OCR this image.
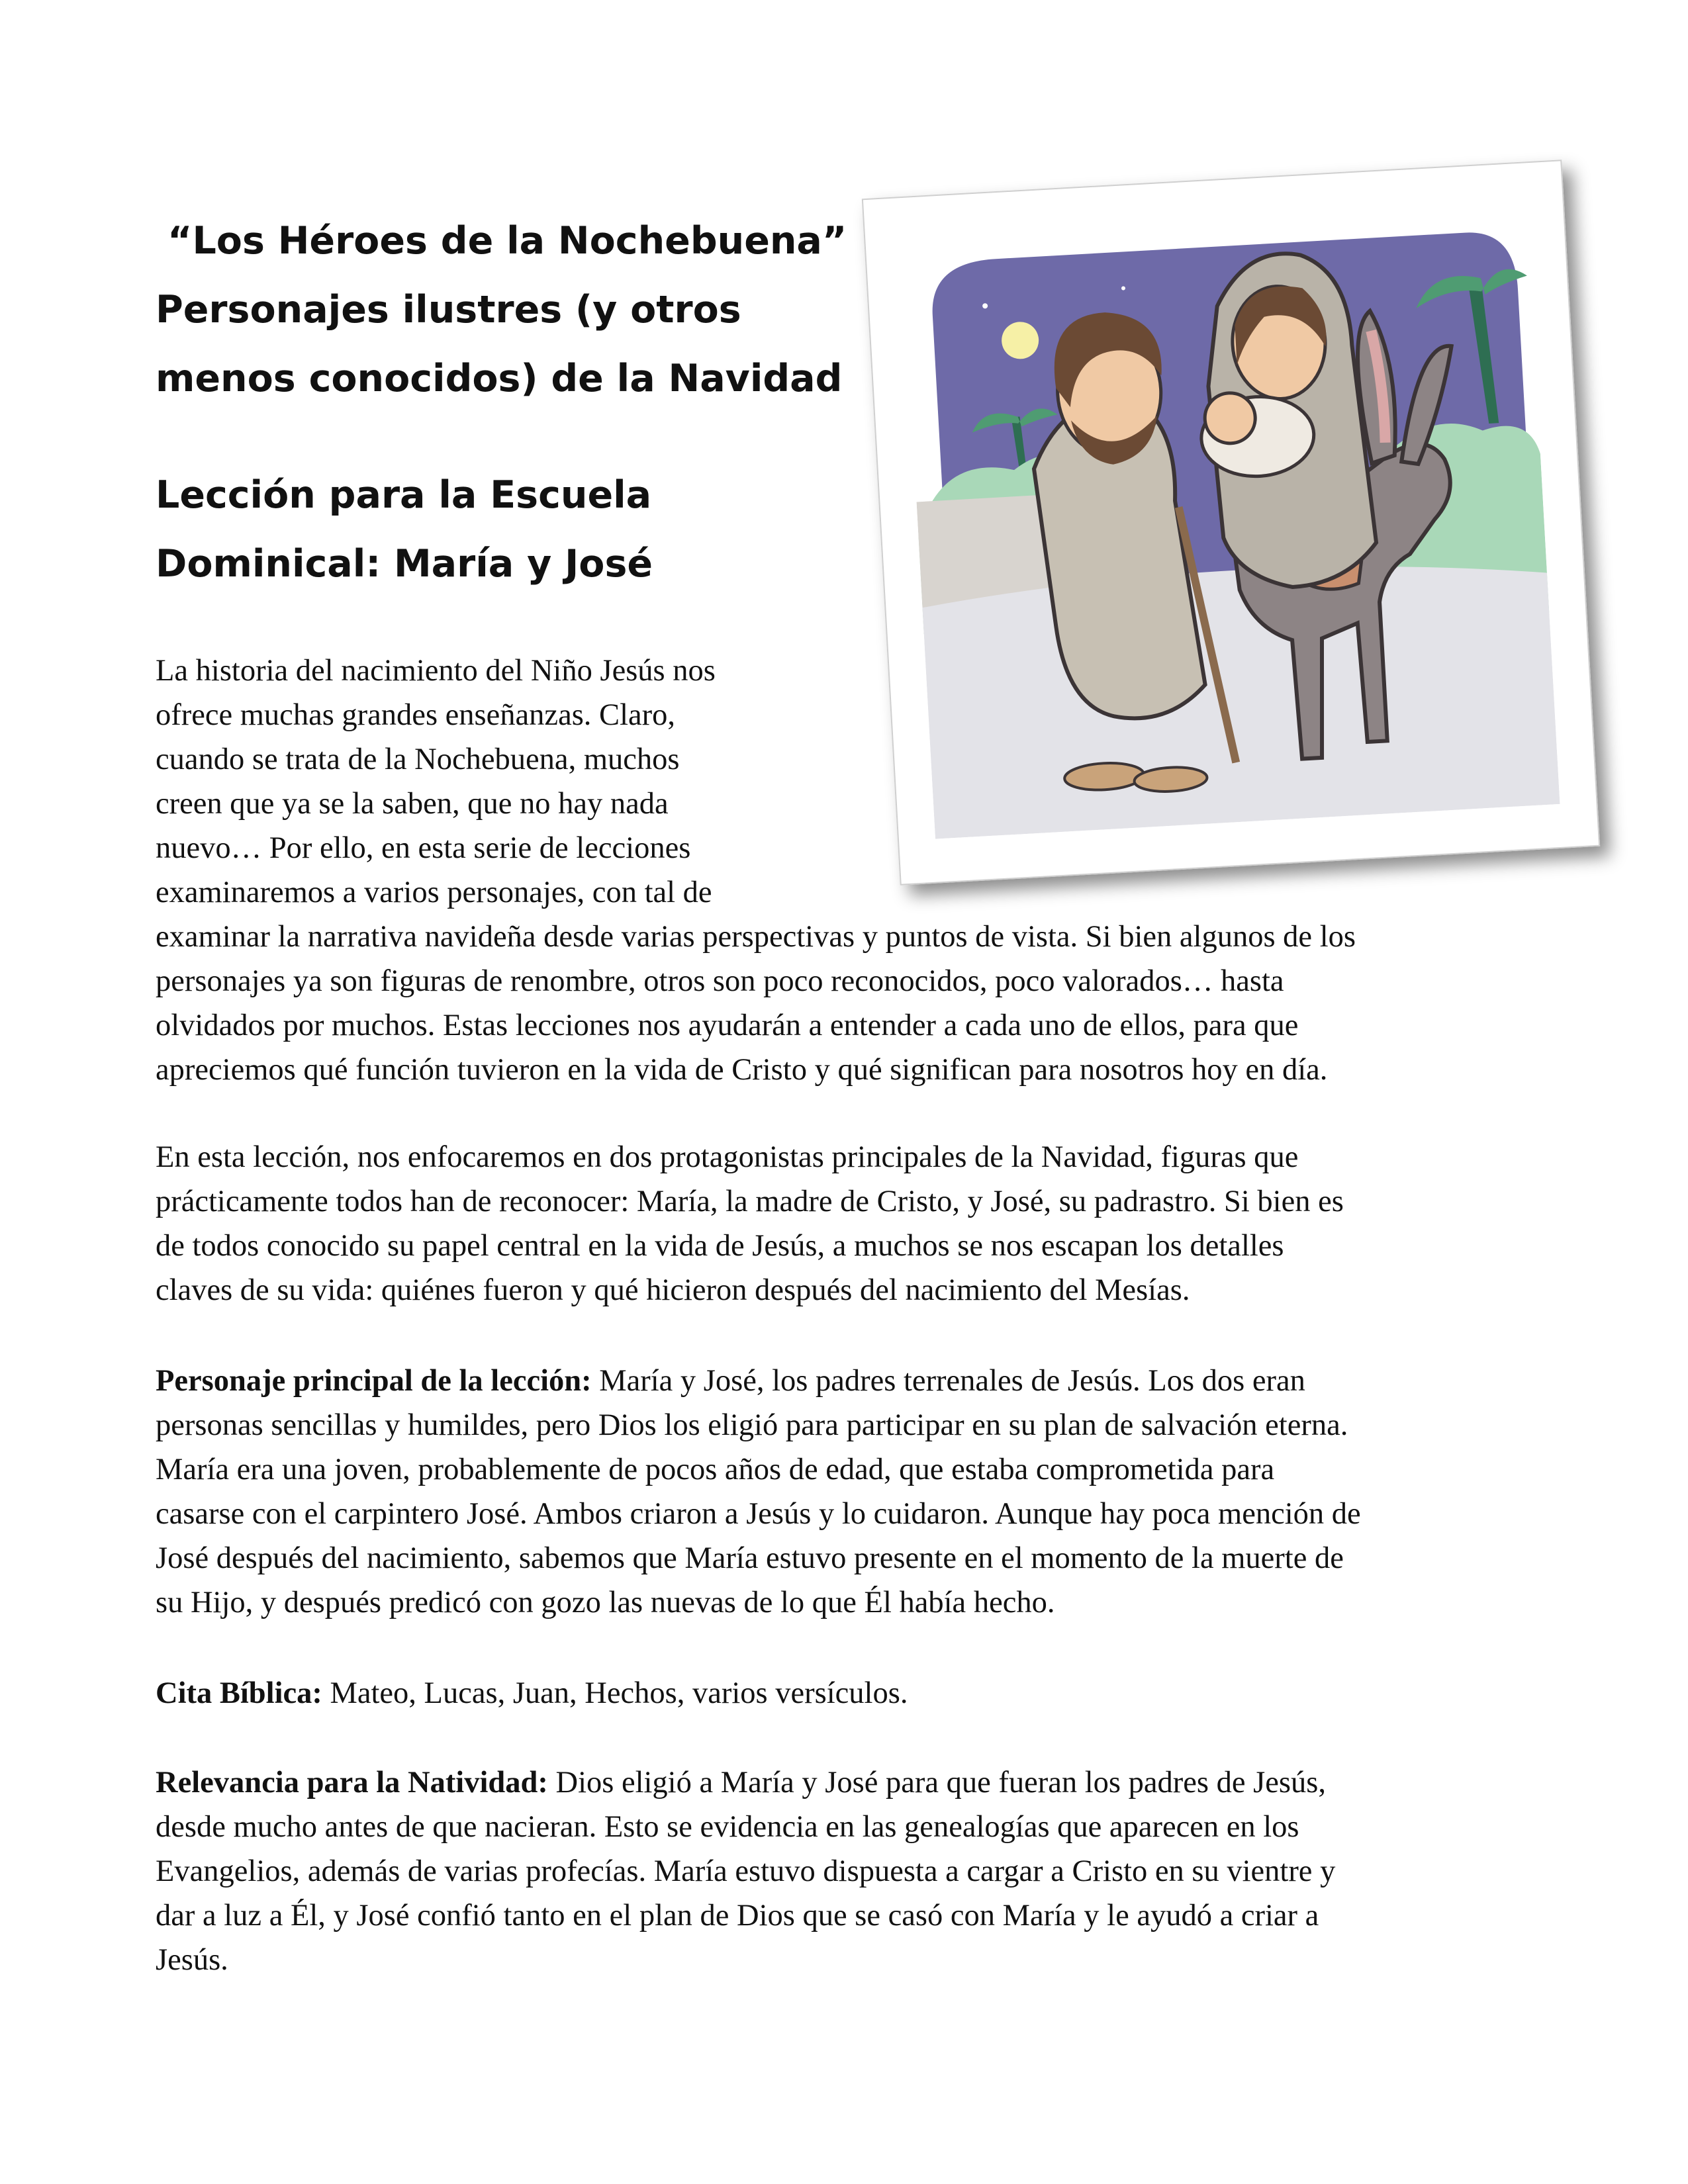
“Los Héroes de la Nochebuena”
Personajes ilustres (y otros
menos conocidos) de la Navidad
Lección para la Escuela
Dominical: María y José
La historia del nacimiento del Niño Jesús nos
ofrece muchas grandes enseñanzas. Claro,
cuando se trata de la Nochebuena, muchos
creen que ya se la saben, que no hay nada
nuevo… Por ello, en esta serie de lecciones
examinaremos a varios personajes, con tal de
examinar la narrativa navideña desde varias perspectivas y puntos de vista. Si bien algunos de los
personajes ya son figuras de renombre, otros son poco reconocidos, poco valorados… hasta
olvidados por muchos. Estas lecciones nos ayudarán a entender a cada uno de ellos, para que
apreciemos qué función tuvieron en la vida de Cristo y qué significan para nosotros hoy en día.
En esta lección, nos enfocaremos en dos protagonistas principales de la Navidad, figuras que
prácticamente todos han de reconocer: María, la madre de Cristo, y José, su padrastro. Si bien es
de todos conocido su papel central en la vida de Jesús, a muchos se nos escapan los detalles
claves de su vida: quiénes fueron y qué hicieron después del nacimiento del Mesías.
Personaje principal de la lección: María y José, los padres terrenales de Jesús. Los dos eran
personas sencillas y humildes, pero Dios los eligió para participar en su plan de salvación eterna.
María era una joven, probablemente de pocos años de edad, que estaba comprometida para
casarse con el carpintero José. Ambos criaron a Jesús y lo cuidaron. Aunque hay poca mención de
José después del nacimiento, sabemos que María estuvo presente en el momento de la muerte de
su Hijo, y después predicó con gozo las nuevas de lo que Él había hecho.
Cita Bíblica: Mateo, Lucas, Juan, Hechos, varios versículos.
Relevancia para la Natividad: Dios eligió a María y José para que fueran los padres de Jesús,
desde mucho antes de que nacieran. Esto se evidencia en las genealogías que aparecen en los
Evangelios, además de varias profecías. María estuvo dispuesta a cargar a Cristo en su vientre y
dar a luz a Él, y José confió tanto en el plan de Dios que se casó con María y le ayudó a criar a
Jesús.
